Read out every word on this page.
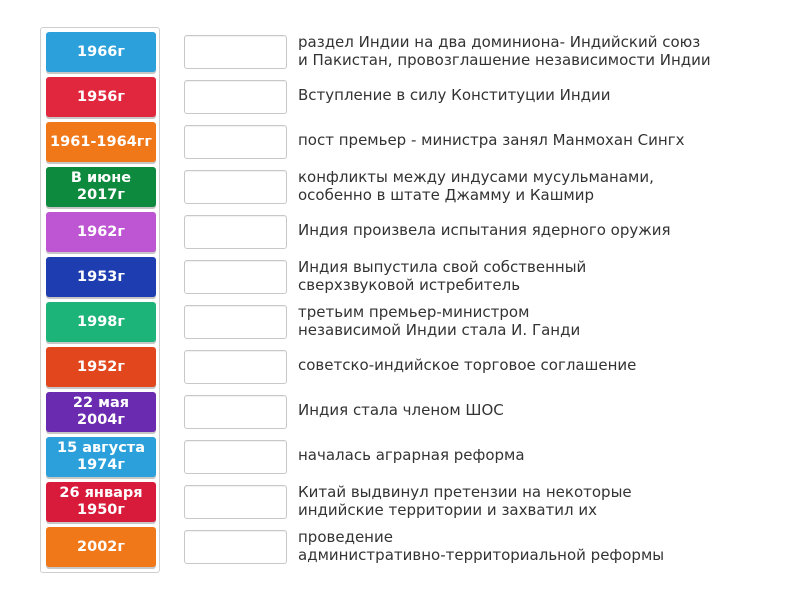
1966г
1956г
1961-1964гг
В июне
2017г
1962г
1953г
1998г
1952г
22 мая
2004г
15 августа
1974г
26 января
1950г
2002г
раздел Индии на два доминиона- Индийский союз
и Пакистан, провозглашение независимости Индии
Вступление в силу Конституции Индии
пост премьер - министра занял Манмохан Сингх
конфликты между индусами мусульманами,
особенно в штате Джамму и Кашмир
Индия произвела испытания ядерного оружия
Индия выпустила свой собственный
сверхзвуковой истребитель
третьим премьер-министром
независимой Индии стала И. Ганди
советско-индийское торговое соглашение
Индия стала членом ШОС
началась аграрная реформа
Китай выдвинул претензии на некоторые
индийские территории и захватил их
проведение
административно-территориальной реформы
